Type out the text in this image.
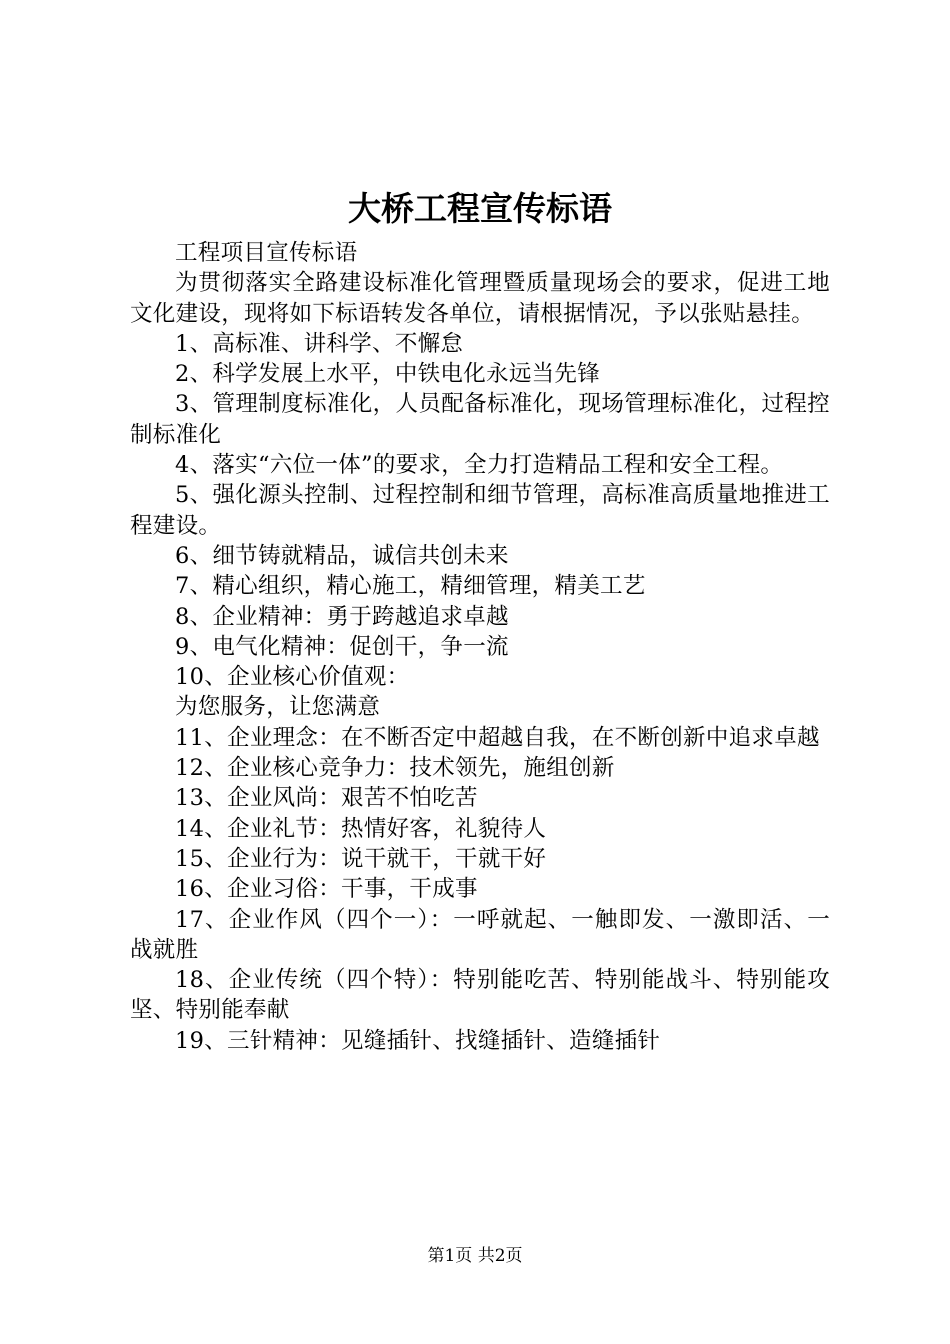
大桥工程宣传标语

工程项目宣传标语

为贯彻落实全路建设标准化管理暨质量现场会的要求，促进工地文化建设，现将如下标语转发各单位，请根据情况，予以张贴悬挂。

1、高标准、讲科学、不懈怠

2、科学发展上水平，中铁电化永远当先锋

3、管理制度标准化，人员配备标准化，现场管理标准化，过程控制标准化

4、落实“六位一体”的要求，全力打造精品工程和安全工程。

5、强化源头控制、过程控制和细节管理，高标准高质量地推进工程建设。

6、细节铸就精品，诚信共创未来

7、精心组织，精心施工，精细管理，精美工艺

8、企业精神：勇于跨越追求卓越

9、电气化精神：促创干，争一流

10、企业核心价值观：

为您服务，让您满意

11、企业理念：在不断否定中超越自我，在不断创新中追求卓越

12、企业核心竞争力：技术领先，施组创新

13、企业风尚：艰苦不怕吃苦

14、企业礼节：热情好客，礼貌待人

15、企业行为：说干就干，干就干好

16、企业习俗：干事，干成事

17、企业作风（四个一）：一呼就起、一触即发、一激即活、一战就胜

18、企业传统（四个特）：特别能吃苦、特别能战斗、特别能攻坚、特别能奉献

19、三针精神：见缝插针、找缝插针、造缝插针

第1页 共2页
